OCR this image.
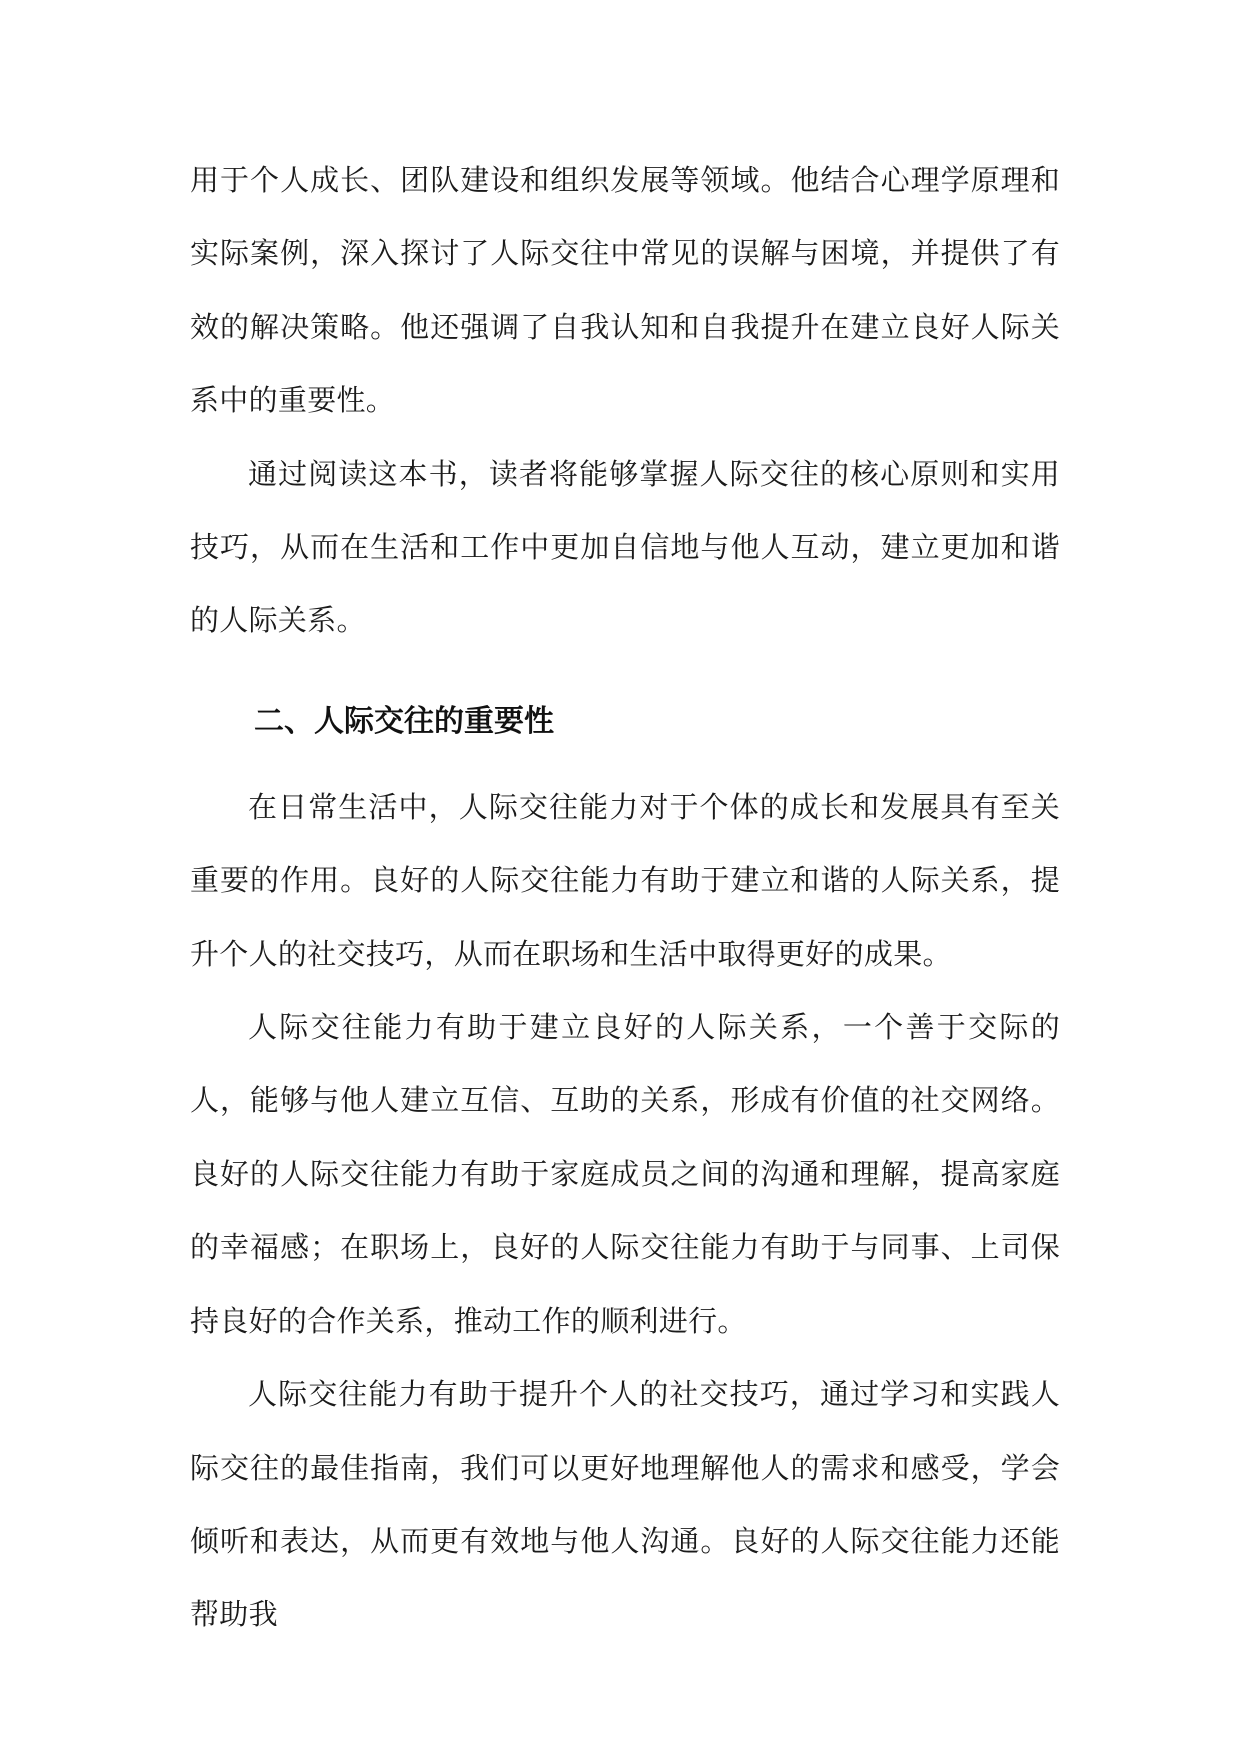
用于个人成长、团队建设和组织发展等领域。他结合心理学原理和实际案例，深入探讨了人际交往中常见的误解与困境，并提供了有效的解决策略。他还强调了自我认知和自我提升在建立良好人际关系中的重要性。

通过阅读这本书，读者将能够掌握人际交往的核心原则和实用技巧，从而在生活和工作中更加自信地与他人互动，建立更加和谐的人际关系。

二、人际交往的重要性

在日常生活中，人际交往能力对于个体的成长和发展具有至关重要的作用。良好的人际交往能力有助于建立和谐的人际关系，提升个人的社交技巧，从而在职场和生活中取得更好的成果。

人际交往能力有助于建立良好的人际关系，一个善于交际的人，能够与他人建立互信、互助的关系，形成有价值的社交网络。良好的人际交往能力有助于家庭成员之间的沟通和理解，提高家庭的幸福感；在职场上，良好的人际交往能力有助于与同事、上司保持良好的合作关系，推动工作的顺利进行。

人际交往能力有助于提升个人的社交技巧，通过学习和实践人际交往的最佳指南，我们可以更好地理解他人的需求和感受，学会倾听和表达，从而更有效地与他人沟通。良好的人际交往能力还能帮助我
